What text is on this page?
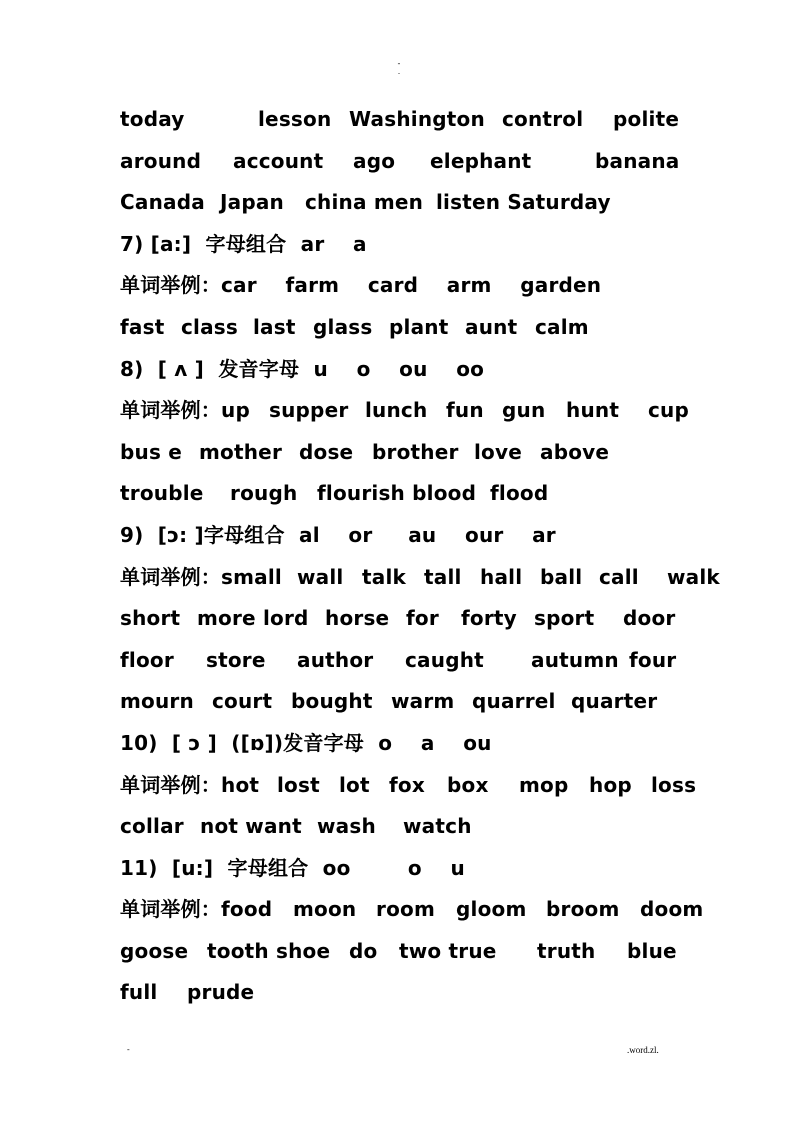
-
.
today	lesson Washington control polite
around account ago elephant	banana
Canada Japan china men listen Saturday
7) [a:]  字母组合  ar    a
单词举例：car    farm    card    arm    garden
fast class last glass plant aunt calm
8)  [ ʌ ]  发音字母  u    o    ou    oo
单词举例：up supper lunch fun gun hunt cup
bus e mother dose brother love above
trouble rough flourish blood flood
9)  [ɔ: ]字母组合  al    or     au    our    ar
单词举例：small wall talk tall hall ball call walk
short more lord horse for forty sport door
floor store author caught autumn four
mourn court bought warm quarrel quarter
10)  [ ɔ ]  ([ɒ])发音字母  o    a    ou
单词举例：hot lost lot fox box mop hop loss
collar not want wash watch
11)  [u:]  字母组合  oo        o    u
单词举例：food moon room gloom broom doom
goose tooth shoe do two true truth blue
full prude
-	.word.zl.
